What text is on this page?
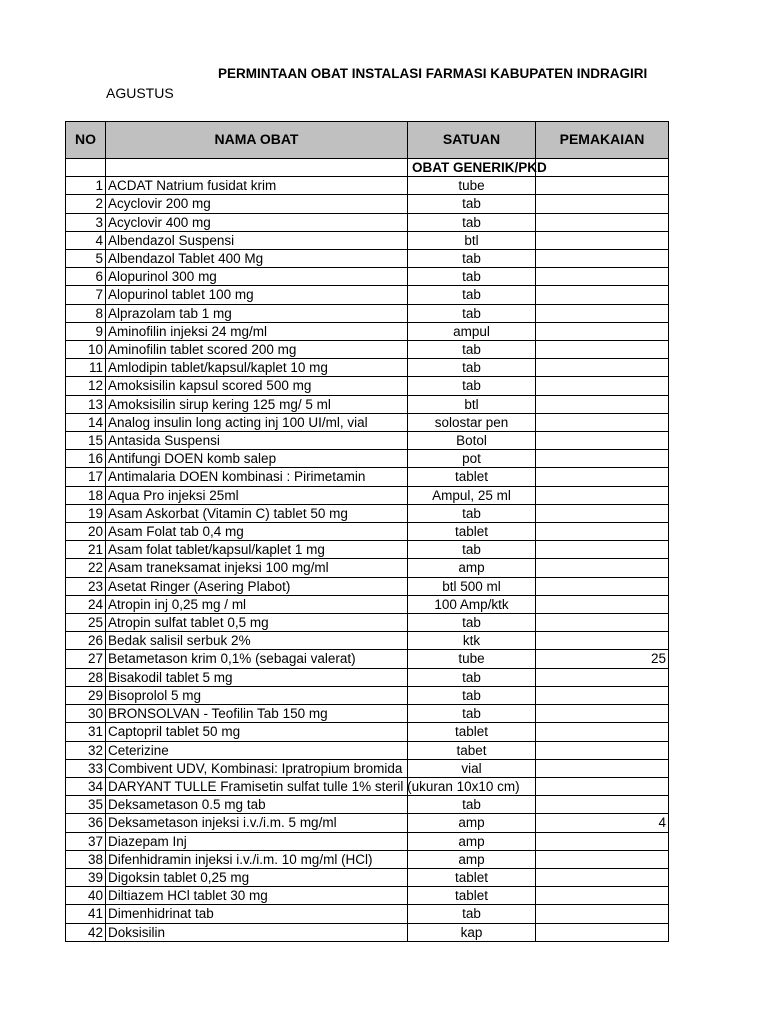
PERMINTAAN OBAT INSTALASI FARMASI KABUPATEN INDRAGIRI
AGUSTUS
NO	NAMA OBAT	SATUAN	PEMAKAIAN
		OBAT GENERIK/PKD	
1	ACDAT Natrium fusidat krim	tube	
2	Acyclovir 200 mg	tab	
3	Acyclovir 400 mg	tab	
4	Albendazol Suspensi	btl	
5	Albendazol Tablet 400 Mg	tab	
6	Alopurinol 300 mg	tab	
7	Alopurinol tablet 100 mg	tab	
8	Alprazolam tab 1 mg	tab	
9	Aminofilin injeksi 24 mg/ml	ampul	
10	Aminofilin tablet scored 200 mg	tab	
11	Amlodipin tablet/kapsul/kaplet 10 mg	tab	
12	Amoksisilin kapsul scored 500 mg	tab	
13	Amoksisilin sirup kering 125 mg/ 5 ml	btl	
14	Analog insulin long acting inj 100 UI/ml, vial	solostar pen	
15	Antasida Suspensi	Botol	
16	Antifungi DOEN komb salep	pot	
17	Antimalaria DOEN kombinasi : Pirimetamin	tablet	
18	Aqua Pro injeksi 25ml	Ampul, 25 ml	
19	Asam Askorbat (Vitamin C) tablet 50 mg	tab	
20	Asam Folat tab 0,4 mg	tablet	
21	Asam folat tablet/kapsul/kaplet 1 mg	tab	
22	Asam traneksamat injeksi 100 mg/ml	amp	
23	Asetat Ringer (Asering Plabot)	btl 500 ml	
24	Atropin inj 0,25 mg / ml	100 Amp/ktk	
25	Atropin sulfat tablet 0,5 mg	tab	
26	Bedak salisil serbuk 2%	ktk	
27	Betametason krim 0,1% (sebagai valerat)	tube	25
28	Bisakodil tablet 5 mg	tab	
29	Bisoprolol 5 mg	tab	
30	BRONSOLVAN - Teofilin Tab 150 mg	tab	
31	Captopril tablet 50 mg	tablet	
32	Ceterizine	tabet	
33	Combivent UDV, Kombinasi: Ipratropium bromida	vial	
34	DARYANT TULLE Framisetin sulfat tulle 1% steril (ukuran 10x10 cm)		
35	Deksametason 0.5 mg tab	tab	
36	Deksametason injeksi i.v./i.m. 5 mg/ml	amp	4
37	Diazepam Inj	amp	
38	Difenhidramin injeksi i.v./i.m. 10 mg/ml (HCl)	amp	
39	Digoksin tablet 0,25 mg	tablet	
40	Diltiazem HCl tablet 30 mg	tablet	
41	Dimenhidrinat tab	tab	
42	Doksisilin	kap	
